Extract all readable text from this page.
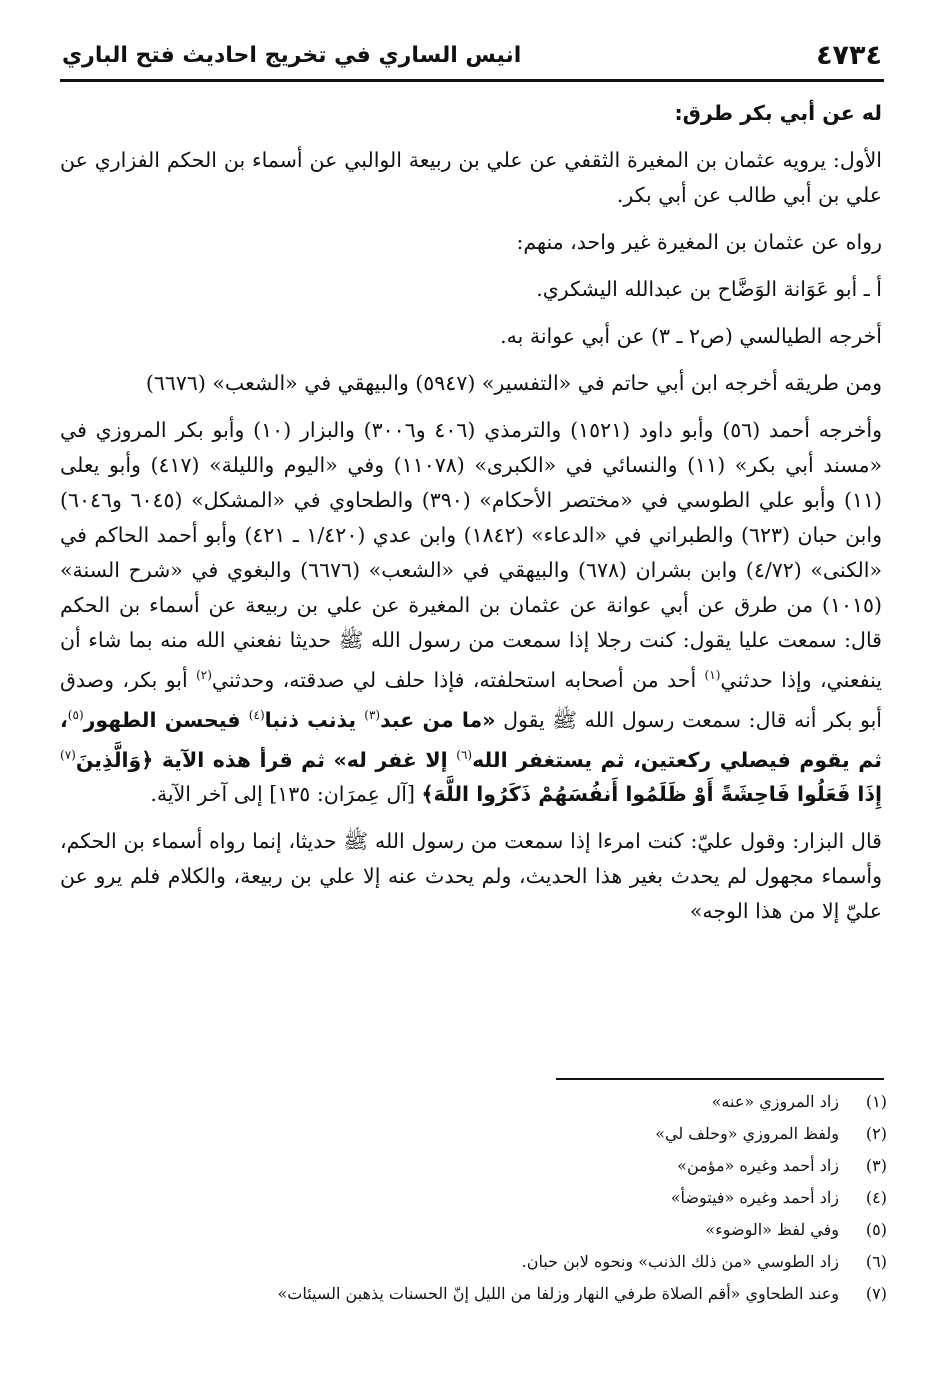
٤٧٣٤
انيس الساري في تخريج احاديث فتح الباري

له عن أبي بكر طرق:

الأول: يرويه عثمان بن المغيرة الثقفي عن علي بن ربيعة الوالبي عن أسماء بن الحكم الفزاري عن علي بن أبي طالب عن أبي بكر.

رواه عن عثمان بن المغيرة غير واحد، منهم:

أ ـ أبو عَوَانة الوَضَّاح بن عبدالله اليشكري.

أخرجه الطيالسي (ص٢ ـ ٣) عن أبي عوانة به.

ومن طريقه أخرجه ابن أبي حاتم في «التفسير» (٥٩٤٧) والبيهقي في «الشعب» (٦٦٧٦)

وأخرجه أحمد (٥٦) وأبو داود (١٥٢١) والترمذي (٤٠٦ و٣٠٠٦) والبزار (١٠) وأبو بكر المروزي في «مسند أبي بكر» (١١) والنسائي في «الكبرى» (١١٠٧٨) وفي «اليوم والليلة» (٤١٧) وأبو يعلى (١١) وأبو علي الطوسي في «مختصر الأحكام» (٣٩٠) والطحاوي في «المشكل» (٦٠٤٥ و٦٠٤٦) وابن حبان (٦٢٣) والطبراني في «الدعاء» (١٨٤٢) وابن عدي (١/٤٢٠ ـ ٤٢١) وأبو أحمد الحاكم في «الكنى» (٤/٧٢) وابن بشران (٦٧٨) والبيهقي في «الشعب» (٦٦٧٦) والبغوي في «شرح السنة» (١٠١٥) من طرق عن أبي عوانة عن عثمان بن المغيرة عن علي بن ربيعة عن أسماء بن الحكم قال: سمعت عليا يقول: كنت رجلا إذا سمعت من رسول الله ﷺ حديثا نفعني الله منه بما شاء أن ينفعني، وإذا حدثني$^{(١)}$ أحد من أصحابه استحلفته، فإذا حلف لي صدقته، وحدثني$^{(٢)}$ أبو بكر، وصدق أبو بكر أنه قال: سمعت رسول الله ﷺ يقول «ما من عبد$^{(٣)}$ يذنب ذنبا$^{(٤)}$ فيحسن الطهور$^{(٥)}$، ثم يقوم فيصلي ركعتين، ثم يستغفر الله$^{(٦)}$ إلا غفر له» ثم قرأ هذه الآية ﴿وَالَّذِينَ$^{(٧)}$ إِذَا فَعَلُوا فَاحِشَةً أَوْ ظَلَمُوا أَنفُسَهُمْ ذَكَرُوا اللَّهَ﴾ [آل عِمرَان: ١٣٥] إلى آخر الآية.

قال البزار: وقول عليّ: كنت امرءا إذا سمعت من رسول الله ﷺ حديثا، إنما رواه أسماء بن الحكم، وأسماء مجهول لم يحدث بغير هذا الحديث، ولم يحدث عنه إلا علي بن ربيعة، والكلام فلم يرو عن عليّ إلا من هذا الوجه»

(١)
زاد المروزي «عنه»
(٢)
ولفظ المروزي «وحلف لي»
(٣)
زاد أحمد وغيره «مؤمن»
(٤)
زاد أحمد وغيره «فيتوضأ»
(٥)
وفي لفظ «الوضوء»
(٦)
زاد الطوسي «من ذلك الذنب» ونحوه لابن حبان.
(٧)
وعند الطحاوي «أقم الصلاة طرفي النهار وزلفا من الليل إنّ الحسنات يذهبن السيئات»
